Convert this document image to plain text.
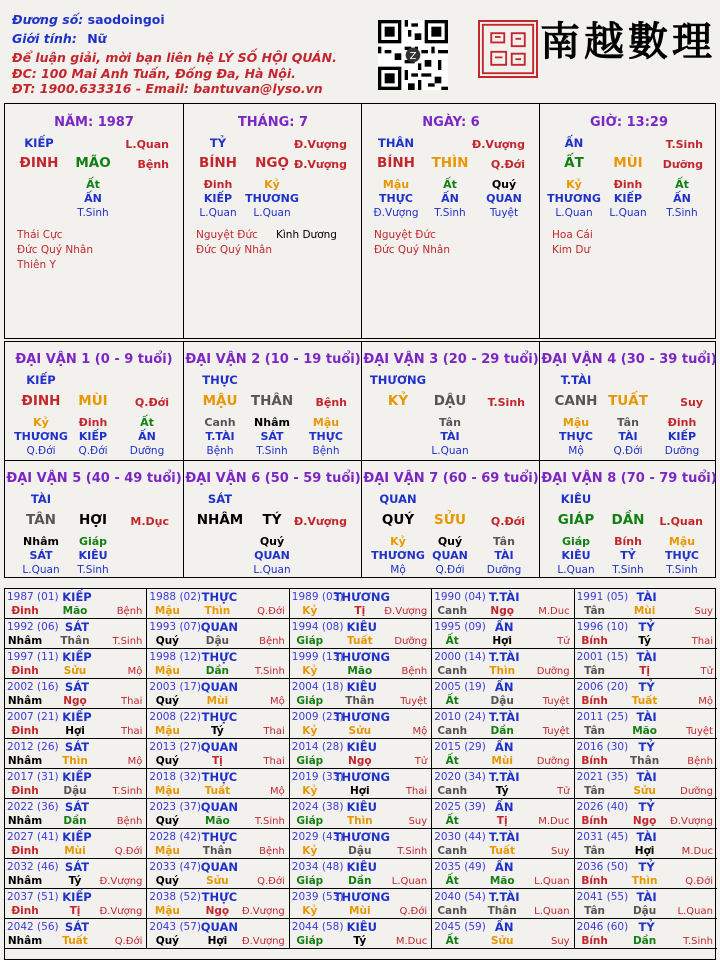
Đương số: saodoingoi
Giới tính: Nữ
Để luận giải, mời bạn liên hệ LÝ SỐ HỘI QUÁN.
ĐC: 100 Mai Anh Tuấn, Đống Đa, Hà Nội.
ĐT: 1900.633316 - Email: bantuvan@lyso.vn
Z	南越數理
NĂM: 1987
KIẾP	L.Quan
ĐINH MÃO Bệnh
Ất
ẤN
T.Sinh
Thái Cực
Đức Quý Nhân
Thiên Y
THÁNG: 7
TỶ	Đ.Vượng
BÍNH NGỌ Đ.Vượng
Đinh
KIẾP
L.Quan
Kỷ
THƯƠNG
L.Quan
Nguyệt Đức Kình Dương
Đức Quý Nhân
NGÀY: 6
THÂN	Đ.Vượng
BÍNH THÌN Q.Đới
Mậu
THỰC
Đ.Vượng
Ất
ẤN
T.Sinh
Quý
QUAN
Tuyệt
Nguyệt Đức
Đức Quý Nhân
GIỜ: 13:29
ẤN	T.Sinh
ẤT MÙI Dưỡng
Kỷ
THƯƠNG
L.Quan
Đinh
KIẾP
L.Quan
Ất
ẤN
T.Sinh
Hoa Cái
Kim Dư
ĐẠI VẬN 1 (0 - 9 tuổi)
KIẾP
ĐINH MÙI Q.Đới
Kỷ
THƯƠNG
Q.Đới
Đinh
KIẾP
Q.Đới
Ất
ẤN
Dưỡng
ĐẠI VẬN 2 (10 - 19 tuổi)
THỰC
MẬU THÂN Bệnh
Canh
T.TÀI
Bệnh
Nhâm
SÁT
T.Sinh
Mậu
THỰC
Bệnh
ĐẠI VẬN 3 (20 - 29 tuổi)
THƯƠNG
KỶ DẬU T.Sinh
Tân
TÀI
L.Quan
ĐẠI VẬN 4 (30 - 39 tuổi)
T.TÀI
CANH TUẤT	Suy
Mậu
THỰC
Mộ
Tân
TÀI
Q.Đới
Đinh
KIẾP
Dưỡng
ĐẠI VẬN 5 (40 - 49 tuổi)
TÀI
TÂN HỢI M.Dục
Nhâm
SÁT
L.Quan
Giáp
KIÊU
T.Sinh
ĐẠI VẬN 6 (50 - 59 tuổi)
SÁT
NHÂM TÝ Đ.Vượng
Quý
QUAN
L.Quan
ĐẠI VẬN 7 (60 - 69 tuổi)
QUAN
QUÝ SỬU Q.Đới
Kỷ
THƯƠNG
Mộ
Quý
QUAN
Q.Đới
Tân
TÀI
Dưỡng
ĐẠI VẬN 8 (70 - 79 tuổi)
KIÊU
GIÁP DẦN L.Quan
Giáp
KIÊU
L.Quan
Bính
TỶ
T.Sinh
Mậu
THỰC
T.Sinh
1987 (01) KIẾP
Đinh Mão	Bệnh
1988 (02) THỰC
Mậu Thìn	Q.Đới
1989 (03)
THƯƠNG
Kỷ	Tị Đ.Vượng
1990 (04) T.TÀI
Canh Ngọ M.Duc
1991 (05) TÀI
Tân	Mùi	Suy
1992 (06) SÁT
Nhâm Thân T.Sinh
1993 (07) QUAN
Quý	Dậu	Bệnh
1994 (08) KIÊU
Giáp Tuất Dưỡng
1995 (09) ẤN
Ất	Hợi	Tử
1996 (10) TỶ
Bính	Tý	Thai
1997 (11) KIẾP
Đinh Sửu	Mộ
1998 (12) THỰC
Mậu Dần	T.Sinh
1999 (13)
THƯƠNG
Kỷ	Mão	Bệnh
2000 (14) T.TÀI
Canh Thìn Dưỡng
2001 (15) TÀI
Tân	Tị	Tử
2002 (16) SÁT
Nhâm Ngọ	Thai
2003 (17) QUAN
Quý	Mùi	Mộ
2004 (18) KIÊU
Giáp Thân	Tuyệt
2005 (19) ẤN
Ất	Dậu	Tuyệt
2006 (20) TỶ
Bính Tuất	Mộ
2007 (21) KIẾP
Đinh	Hợi	Thai
2008 (22) THỰC
Mậu	Tý	Thai
2009 (23)
THƯƠNG
Kỷ	Sửu	Mộ
2010 (24) T.TÀI
Canh Dần	Tuyệt
2011 (25) TÀI
Tân	Mão	Tuyệt
2012 (26) SÁT
Nhâm Thìn	Mộ
2013 (27) QUAN
Quý	Tị	Thai
2014 (28) KIÊU
Giáp Ngọ	Tử
2015 (29) ẤN
Ất	Mùi Dưỡng
2016 (30) TỶ
Bính Thân	Bệnh
2017 (31) KIẾP
Đinh Dậu	T.Sinh
2018 (32) THỰC
Mậu Tuất	Mộ
2019 (33)
THƯƠNG
Kỷ	Hợi	Thai
2020 (34) T.TÀI
Canh	Tý	Tử
2021 (35) TÀI
Tân	Sửu Dưỡng
2022 (36) SÁT
Nhâm Dần	Bệnh
2023 (37) QUAN
Quý Mão	T.Sinh
2024 (38) KIÊU
Giáp Thìn	Suy
2025 (39) ẤN
Ất	Tị	M.Duc
2026 (40) TỶ
Bính Ngọ Đ.Vượng
2027 (41) KIẾP
Đinh Mùi	Q.Đới
2028 (42) THỰC
Mậu Thân	Bệnh
2029 (43)
THƯƠNG
Kỷ	Dậu	T.Sinh
2030 (44) T.TÀI
Canh Tuất	Suy
2031 (45) TÀI
Tân	Hợi	M.Duc
2032 (46) SÁT
Nhâm	Tý Đ.Vượng
2033 (47) QUAN
Quý	Sửu	Q.Đới
2034 (48) KIÊU
Giáp Dần L.Quan
2035 (49) ẤN
Ất	Mão L.Quan
2036 (50) TỶ
Bính Thìn	Q.Đới
2037 (51) KIẾP
Đinh	Tị Đ.Vượng
2038 (52) THỰC
Mậu Ngọ Đ.Vượng
2039 (53)
THƯƠNG
Kỷ	Mùi	Q.Đới
2040 (54) T.TÀI
Canh Thân L.Quan
2041 (55) TÀI
Tân	Dậu L.Quan
2042 (56) SÁT
Nhâm Tuất	Q.Đới
2043 (57) QUAN
Quý	Hợi Đ.Vượng
2044 (58) KIÊU
Giáp	Tý	M.Duc
2045 (59) ẤN
Ất	Sửu	Suy
2046 (60) TỶ
Bính Dần	T.Sinh
